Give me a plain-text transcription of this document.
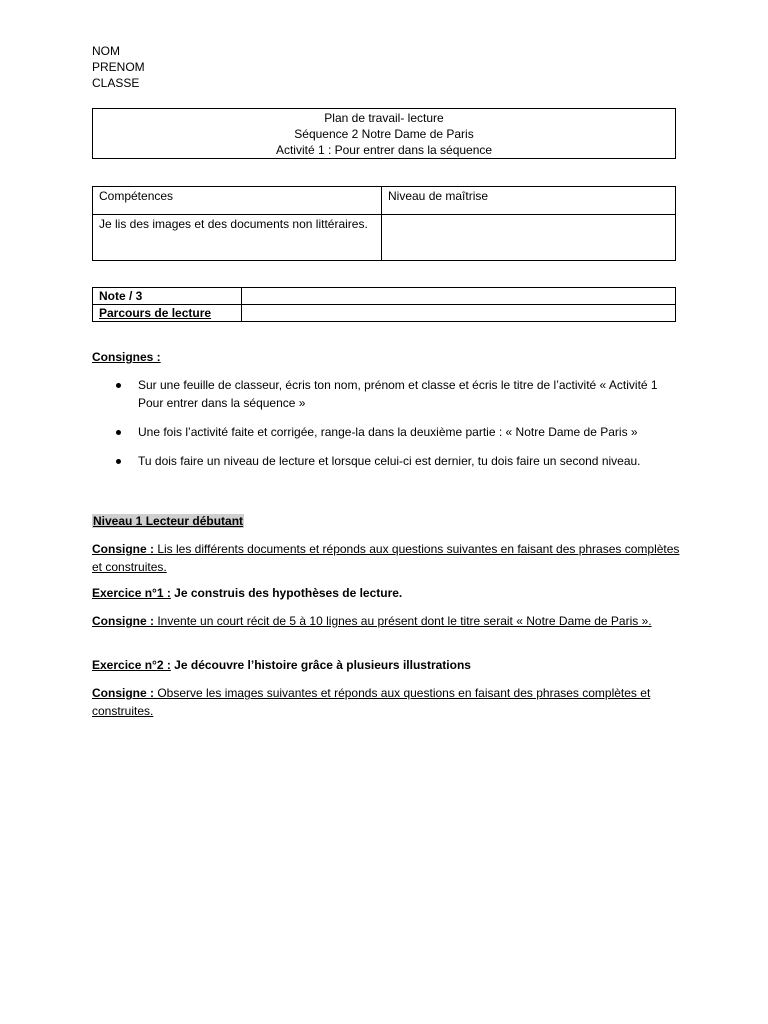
NOM
PRENOM
CLASSE
Plan de travail- lecture
Séquence 2 Notre Dame de Paris
Activité 1 : Pour entrer dans la séquence
Compétences	Niveau de maîtrise
Je lis des images et des documents non littéraires.	
Note / 3	
Parcours de lecture	
Consignes :
Sur une feuille de classeur, écris ton nom, prénom et classe et écris le titre de l’activité « Activité 1 Pour entrer dans la séquence »
Une fois l’activité faite et corrigée, range-la dans la deuxième partie : « Notre Dame de Paris »
Tu dois faire un niveau de lecture et lorsque celui-ci est dernier, tu dois faire un second niveau.
Niveau 1 Lecteur débutant
Consigne : Lis les différents documents et réponds aux questions suivantes en faisant des phrases complètes et construites.
Exercice n°1 : Je construis des hypothèses de lecture.
Consigne : Invente un court récit de 5 à 10 lignes au présent dont le titre serait « Notre Dame de Paris ».
Exercice n°2 : Je découvre l’histoire grâce à plusieurs illustrations
Consigne : Observe les images suivantes et réponds aux questions en faisant des phrases complètes et construites.
